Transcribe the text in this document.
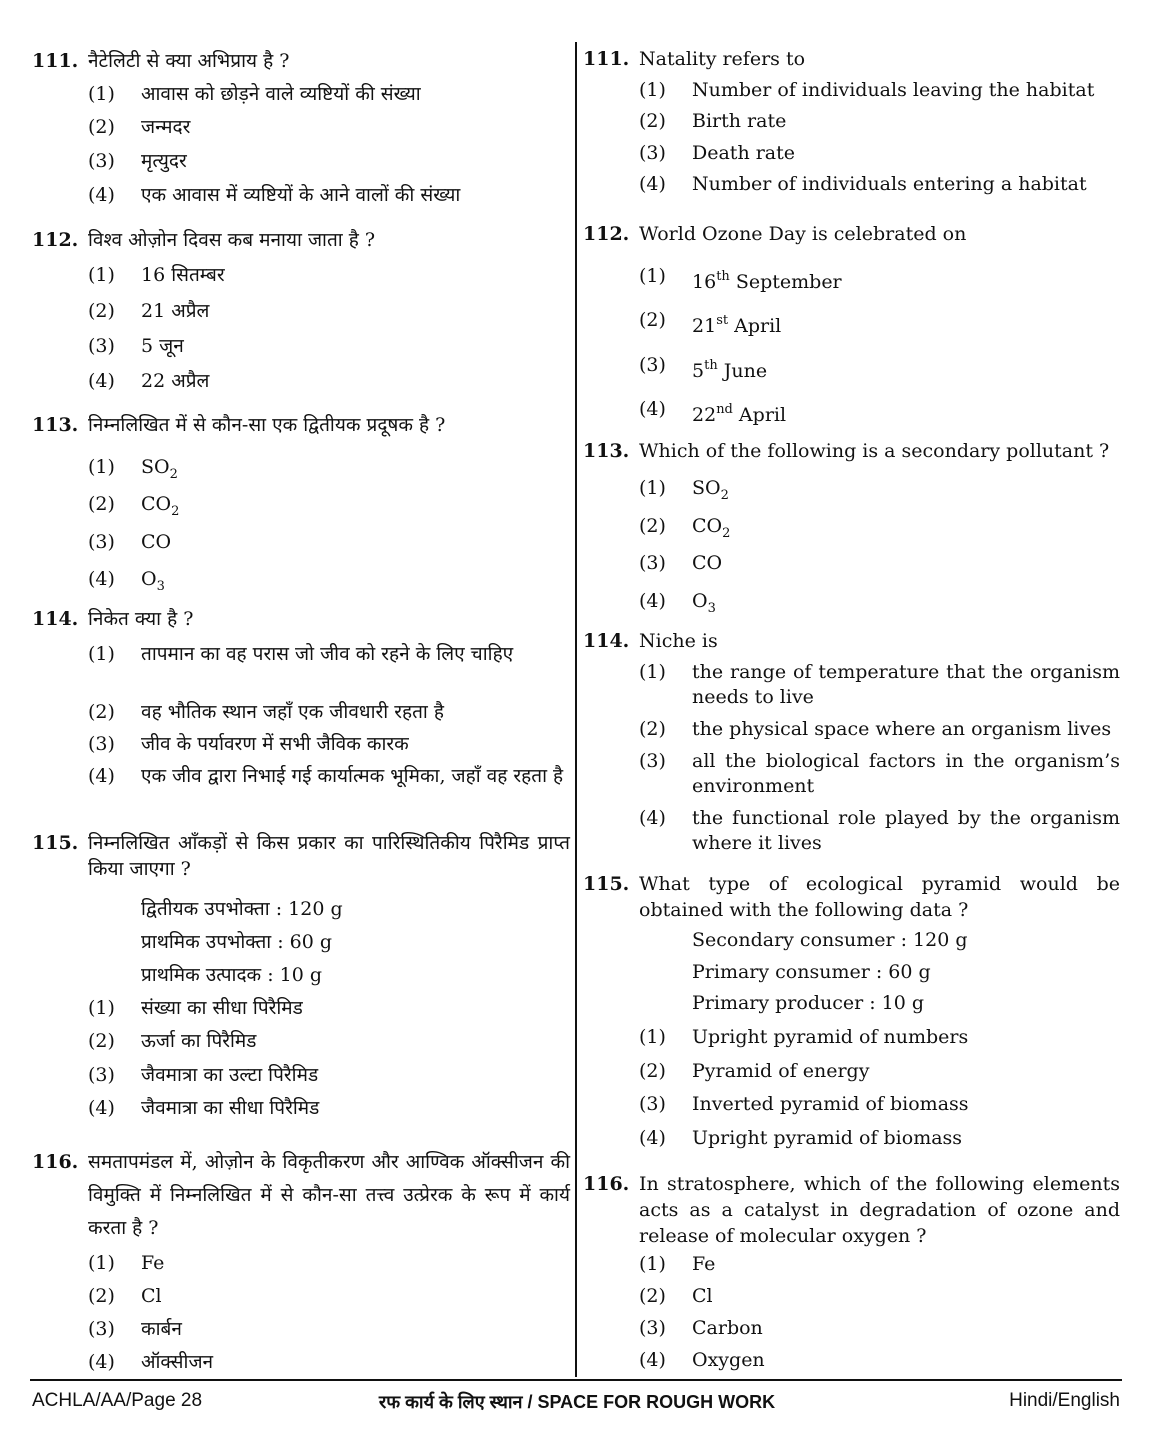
111. नैटेलिटी से क्या अभिप्राय है ?
(1)	आवास को छोड़ने वाले व्यष्टियों की संख्या
(2)	जन्मदर
(3)	मृत्युदर
(4)	एक आवास में व्यष्टियों के आने वालों की संख्या
112. विश्व ओज़ोन दिवस कब मनाया जाता है ?
(1)	16 सितम्बर
(2)	21 अप्रैल
(3)	5 जून
(4)	22 अप्रैल
113. निम्नलिखित में से कौन-सा एक द्वितीयक प्रदूषक है ?
(1)	$SO_2$
(2)	$CO_2$
(3)	CO
(4)	$O_3$
114. निकेत क्या है ?
(1)	तापमान का वह परास जो जीव को रहने के लिए चाहिए
(2)	वह भौतिक स्थान जहाँ एक जीवधारी रहता है
(3)	जीव के पर्यावरण में सभी जैविक कारक
(4)	एक जीव द्वारा निभाई गई कार्यात्मक भूमिका, जहाँ वह रहता है
115. निम्नलिखित आँकड़ों से किस प्रकार का पारिस्थितिकीय पिरैमिड प्राप्त किया जाएगा ?
द्वितीयक उपभोक्ता : 120 g
प्राथमिक उपभोक्ता : 60 g
प्राथमिक उत्पादक : 10 g
(1)	संख्या का सीधा पिरैमिड
(2)	ऊर्जा का पिरैमिड
(3)	जैवमात्रा का उल्टा पिरैमिड
(4)	जैवमात्रा का सीधा पिरैमिड
116. समतापमंडल में, ओज़ोन के विकृतीकरण और आण्विक ऑक्सीजन की विमुक्ति में निम्नलिखित में से कौन-सा तत्त्व उत्प्रेरक के रूप में कार्य करता है ?
(1)	Fe
(2)	Cl
(3)	कार्बन
(4)	ऑक्सीजन
111. Natality refers to
(1)	Number of individuals leaving the habitat
(2)	Birth rate
(3)	Death rate
(4)	Number of individuals entering a habitat
112. World Ozone Day is celebrated on
(1)	16th September
(2)	21st April
(3)	5th June
(4)	22nd April
113. Which of the following is a secondary pollutant ?
(1)	$SO_2$
(2)	$CO_2$
(3)	CO
(4)	$O_3$
114. Niche is
(1)	the range of temperature that the organism needs to live
(2)	the physical space where an organism lives
(3)	all the biological factors in the organism’s environment
(4)	the functional role played by the organism where it lives
115. What type of ecological pyramid would be obtained with the following data ?
Secondary consumer : 120 g
Primary consumer : 60 g
Primary producer : 10 g
(1)	Upright pyramid of numbers
(2)	Pyramid of energy
(3)	Inverted pyramid of biomass
(4)	Upright pyramid of biomass
116. In stratosphere, which of the following elements acts as a catalyst in degradation of ozone and release of molecular oxygen ?
(1)	Fe
(2)	Cl
(3)	Carbon
(4)	Oxygen
ACHLA/AA/Page 28	रफ कार्य के लिए स्थान / SPACE FOR ROUGH WORK	Hindi/English
